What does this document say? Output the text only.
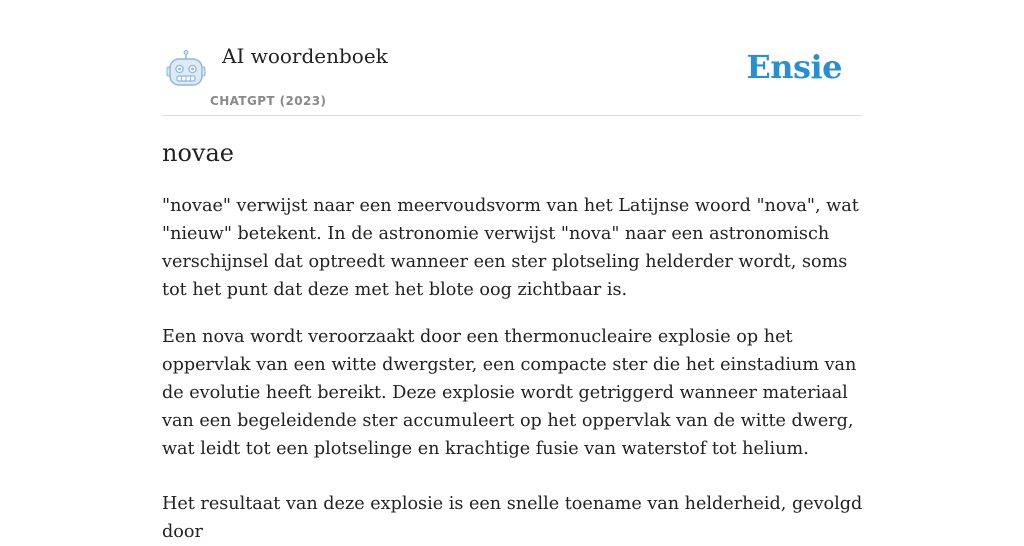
AI woordenboek
CHATGPT (2023)
Ensie
novae

"novae" verwijst naar een meervoudsvorm van het Latijnse woord "nova", wat "nieuw" betekent. In de astronomie verwijst "nova" naar een astronomisch verschijnsel dat optreedt wanneer een ster plotseling helderder wordt, soms tot het punt dat deze met het blote oog zichtbaar is.

Een nova wordt veroorzaakt door een thermonucleaire explosie op het oppervlak van een witte dwergster, een compacte ster die het einstadium van de evolutie heeft bereikt. Deze explosie wordt getriggerd wanneer materiaal van een begeleidende ster accumuleert op het oppervlak van de witte dwerg, wat leidt tot een plotselinge en krachtige fusie van waterstof tot helium.

Het resultaat van deze explosie is een snelle toename van helderheid, gevolgd door
